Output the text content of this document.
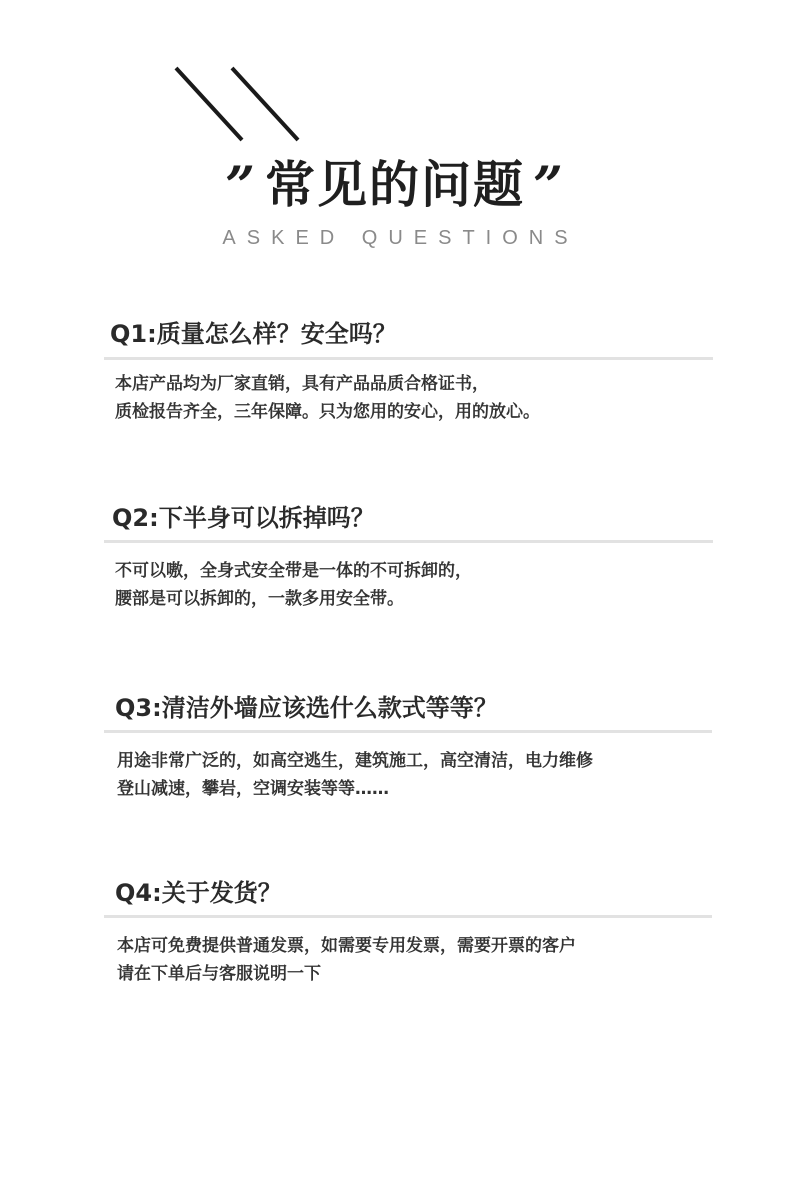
” 常见的问题 ”
ASKED QUESTIONS
Q1:质量怎么样？安全吗？
本店产品均为厂家直销，具有产品品质合格证书，
质检报告齐全，三年保障。只为您用的安心，用的放心。
Q2:下半身可以拆掉吗？
不可以嗷，全身式安全带是一体的不可拆卸的，
腰部是可以拆卸的，一款多用安全带。
Q3:清洁外墙应该选什么款式等等？
用途非常广泛的，如高空逃生，建筑施工，高空清洁，电力维修
登山减速，攀岩，空调安装等等……
Q4:关于发货？
本店可免费提供普通发票，如需要专用发票，需要开票的客户
请在下单后与客服说明一下
